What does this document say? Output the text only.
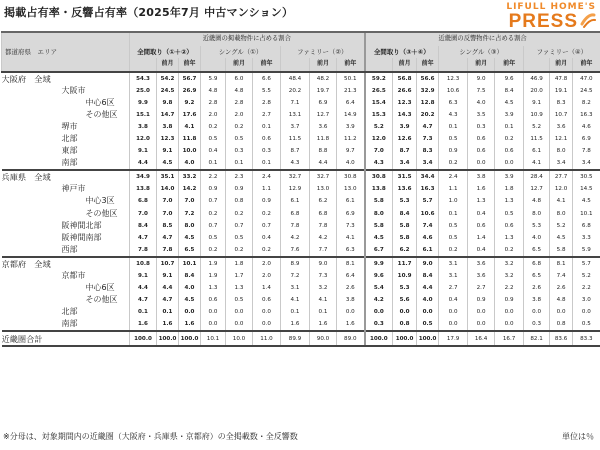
掲載占有率・反響占有率（2025年7月 中古マンション）	LIFULL HOME'S
PRESS
都道府県　 エリア	近畿圏の掲載物件に占める割合									近畿圏の反響物件に占める割合								
	全間取り（①＋②）			シングル（①）			ファミリー（②）			全間取り（③＋④）			シングル（③）			ファミリー（④）		
		前月	前年		前月	前年		前月	前年		前月	前年		前月	前年		前月	前年
大阪府　全域	54.3	54.2	56.7	5.9	6.0	6.6	48.4	48.2	50.1	59.2	56.8	56.6	12.3	9.0	9.6	46.9	47.8	47.0
大阪市	25.0	24.5	26.9	4.8	4.8	5.5	20.2	19.7	21.3	26.5	26.6	32.9	10.6	7.5	8.4	20.0	19.1	24.5
中心6区	9.9	9.8	9.2	2.8	2.8	2.8	7.1	6.9	6.4	15.4	12.3	12.8	6.3	4.0	4.5	9.1	8.3	8.2
その他区	15.1	14.7	17.6	2.0	2.0	2.7	13.1	12.7	14.9	15.3	14.3	20.2	4.3	3.5	3.9	10.9	10.7	16.3
堺市	3.8	3.8	4.1	0.2	0.2	0.1	3.7	3.6	3.9	5.2	3.9	4.7	0.1	0.3	0.1	5.2	3.6	4.6
北部	12.0	12.3	11.8	0.5	0.5	0.6	11.5	11.8	11.2	12.0	12.6	7.3	0.5	0.6	0.2	11.5	12.1	6.9
東部	9.1	9.1	10.0	0.4	0.3	0.3	8.7	8.8	9.7	7.0	8.7	8.3	0.9	0.6	0.6	6.1	8.0	7.8
南部	4.4	4.5	4.0	0.1	0.1	0.1	4.3	4.4	4.0	4.3	3.4	3.4	0.2	0.0	0.0	4.1	3.4	3.4
兵庫県　全域	34.9	35.1	33.2	2.2	2.3	2.4	32.7	32.7	30.8	30.8	31.5	34.4	2.4	3.8	3.9	28.4	27.7	30.5
神戸市	13.8	14.0	14.2	0.9	0.9	1.1	12.9	13.0	13.0	13.8	13.6	16.3	1.1	1.6	1.8	12.7	12.0	14.5
中心3区	6.8	7.0	7.0	0.7	0.8	0.9	6.1	6.2	6.1	5.8	5.3	5.7	1.0	1.3	1.3	4.8	4.1	4.5
その他区	7.0	7.0	7.2	0.2	0.2	0.2	6.8	6.8	6.9	8.0	8.4	10.6	0.1	0.4	0.5	8.0	8.0	10.1
阪神間北部	8.4	8.5	8.0	0.7	0.7	0.7	7.8	7.8	7.3	5.8	5.8	7.4	0.5	0.6	0.6	5.3	5.2	6.8
阪神間南部	4.7	4.7	4.5	0.5	0.5	0.4	4.2	4.2	4.1	4.5	5.8	4.6	0.5	1.4	1.3	4.0	4.5	3.3
西部	7.8	7.8	6.5	0.2	0.2	0.2	7.6	7.7	6.3	6.7	6.2	6.1	0.2	0.4	0.2	6.5	5.8	5.9
京都府　全域	10.8	10.7	10.1	1.9	1.8	2.0	8.9	9.0	8.1	9.9	11.7	9.0	3.1	3.6	3.2	6.8	8.1	5.7
京都市	9.1	9.1	8.4	1.9	1.7	2.0	7.2	7.3	6.4	9.6	10.9	8.4	3.1	3.6	3.2	6.5	7.4	5.2
中心6区	4.4	4.4	4.0	1.3	1.3	1.4	3.1	3.2	2.6	5.4	5.3	4.4	2.7	2.7	2.2	2.6	2.6	2.2
その他区	4.7	4.7	4.5	0.6	0.5	0.6	4.1	4.1	3.8	4.2	5.6	4.0	0.4	0.9	0.9	3.8	4.8	3.0
北部	0.1	0.1	0.0	0.0	0.0	0.0	0.1	0.1	0.0	0.0	0.0	0.0	0.0	0.0	0.0	0.0	0.0	0.0
南部	1.6	1.6	1.6	0.0	0.0	0.0	1.6	1.6	1.6	0.3	0.8	0.5	0.0	0.0	0.0	0.3	0.8	0.5
近畿圏合計	100.0	100.0	100.0	10.1	10.0	11.0	89.9	90.0	89.0	100.0	100.0	100.0	17.9	16.4	16.7	82.1	83.6	83.3
※分母は、対象期間内の近畿圏（大阪府・兵庫県・京都府）の全掲載数・全反響数	単位は％
